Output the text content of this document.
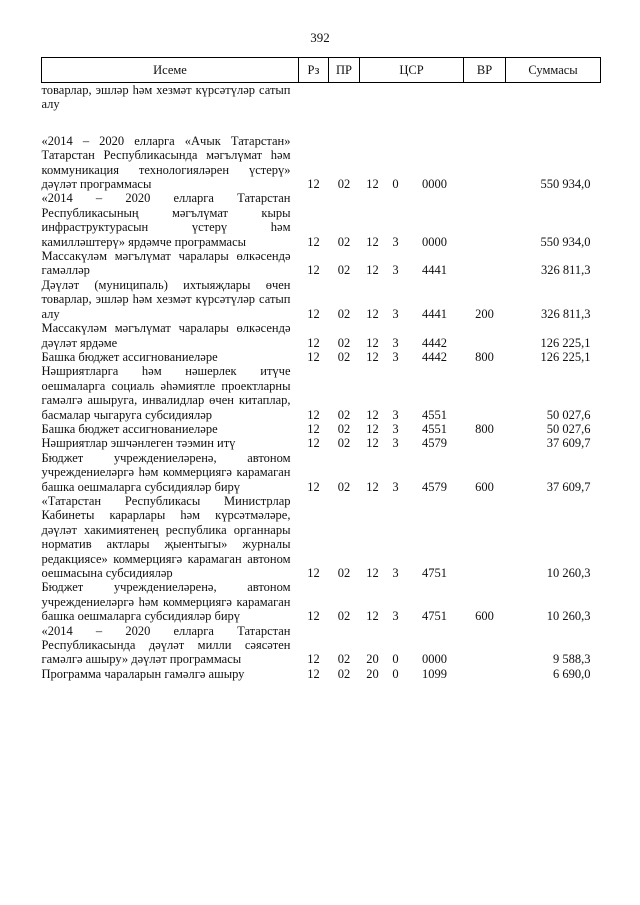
392
Исеме	Рз	ПР	ЦСР			ВР	Суммасы
товарлар, эшләр һәм хезмәт күрсәтүләр сатып алу							
«2014 – 2020 елларга «Ачык Татарстан» Татарстан Республикасында мәгълүмат һәм коммуникация технологияләрен үстерү» дәүләт программасы	12	02	12	0	0000		550 934,0
«2014 – 2020 елларга Татарстан Республикасының мәгълүмат кыры инфраструктурасын үстерү һәм камилләштерү» ярдәмче программасы	12	02	12	3	0000		550 934,0
Массакүләм мәгълүмат чаралары өлкәсендә гамәлләр	12	02	12	3	4441		326 811,3
Дәүләт (муниципаль) ихтыяҗлары өчен товарлар, эшләр һәм хезмәт күрсәтүләр сатып алу	12	02	12	3	4441	200	326 811,3
Массакүләм мәгълүмат чаралары өлкәсендә дәүләт ярдәме	12	02	12	3	4442		126 225,1
Башка бюджет ассигнованиеләре	12	02	12	3	4442	800	126 225,1
Нәшриятларга һәм нәшерлек итүче оешмаларга социаль әһәмиятле проектларны гамәлгә ашыруга, инвалидлар өчен китаплар, басмалар чыгаруга субсидияләр	12	02	12	3	4551		50 027,6
Башка бюджет ассигнованиеләре	12	02	12	3	4551	800	50 027,6
Нәшриятлар эшчәнлеген тәэмин итү	12	02	12	3	4579		37 609,7
Бюджет учреждениеләренә, автоном учреждениеләргә һәм коммерциягә карамаган башка оешмаларга субсидияләр бирү	12	02	12	3	4579	600	37 609,7
«Татарстан Республикасы Министрлар Кабинеты карарлары һәм күрсәтмәләре, дәүләт хакимиятенең республика органнары норматив актлары җыентыгы» журналы редакциясе» коммерциягә карамаган автоном оешмасына субсидияләр	12	02	12	3	4751		10 260,3
Бюджет учреждениеләренә, автоном учреждениеләргә һәм коммерциягә карамаган башка оешмаларга субсидияләр бирү	12	02	12	3	4751	600	10 260,3
«2014 – 2020 елларга Татарстан Республикасында дәүләт милли сәясәтен гамәлгә ашыру» дәүләт программасы	12	02	20	0	0000		9 588,3
Программа чараларын гамәлгә ашыру	12	02	20	0	1099		6 690,0
